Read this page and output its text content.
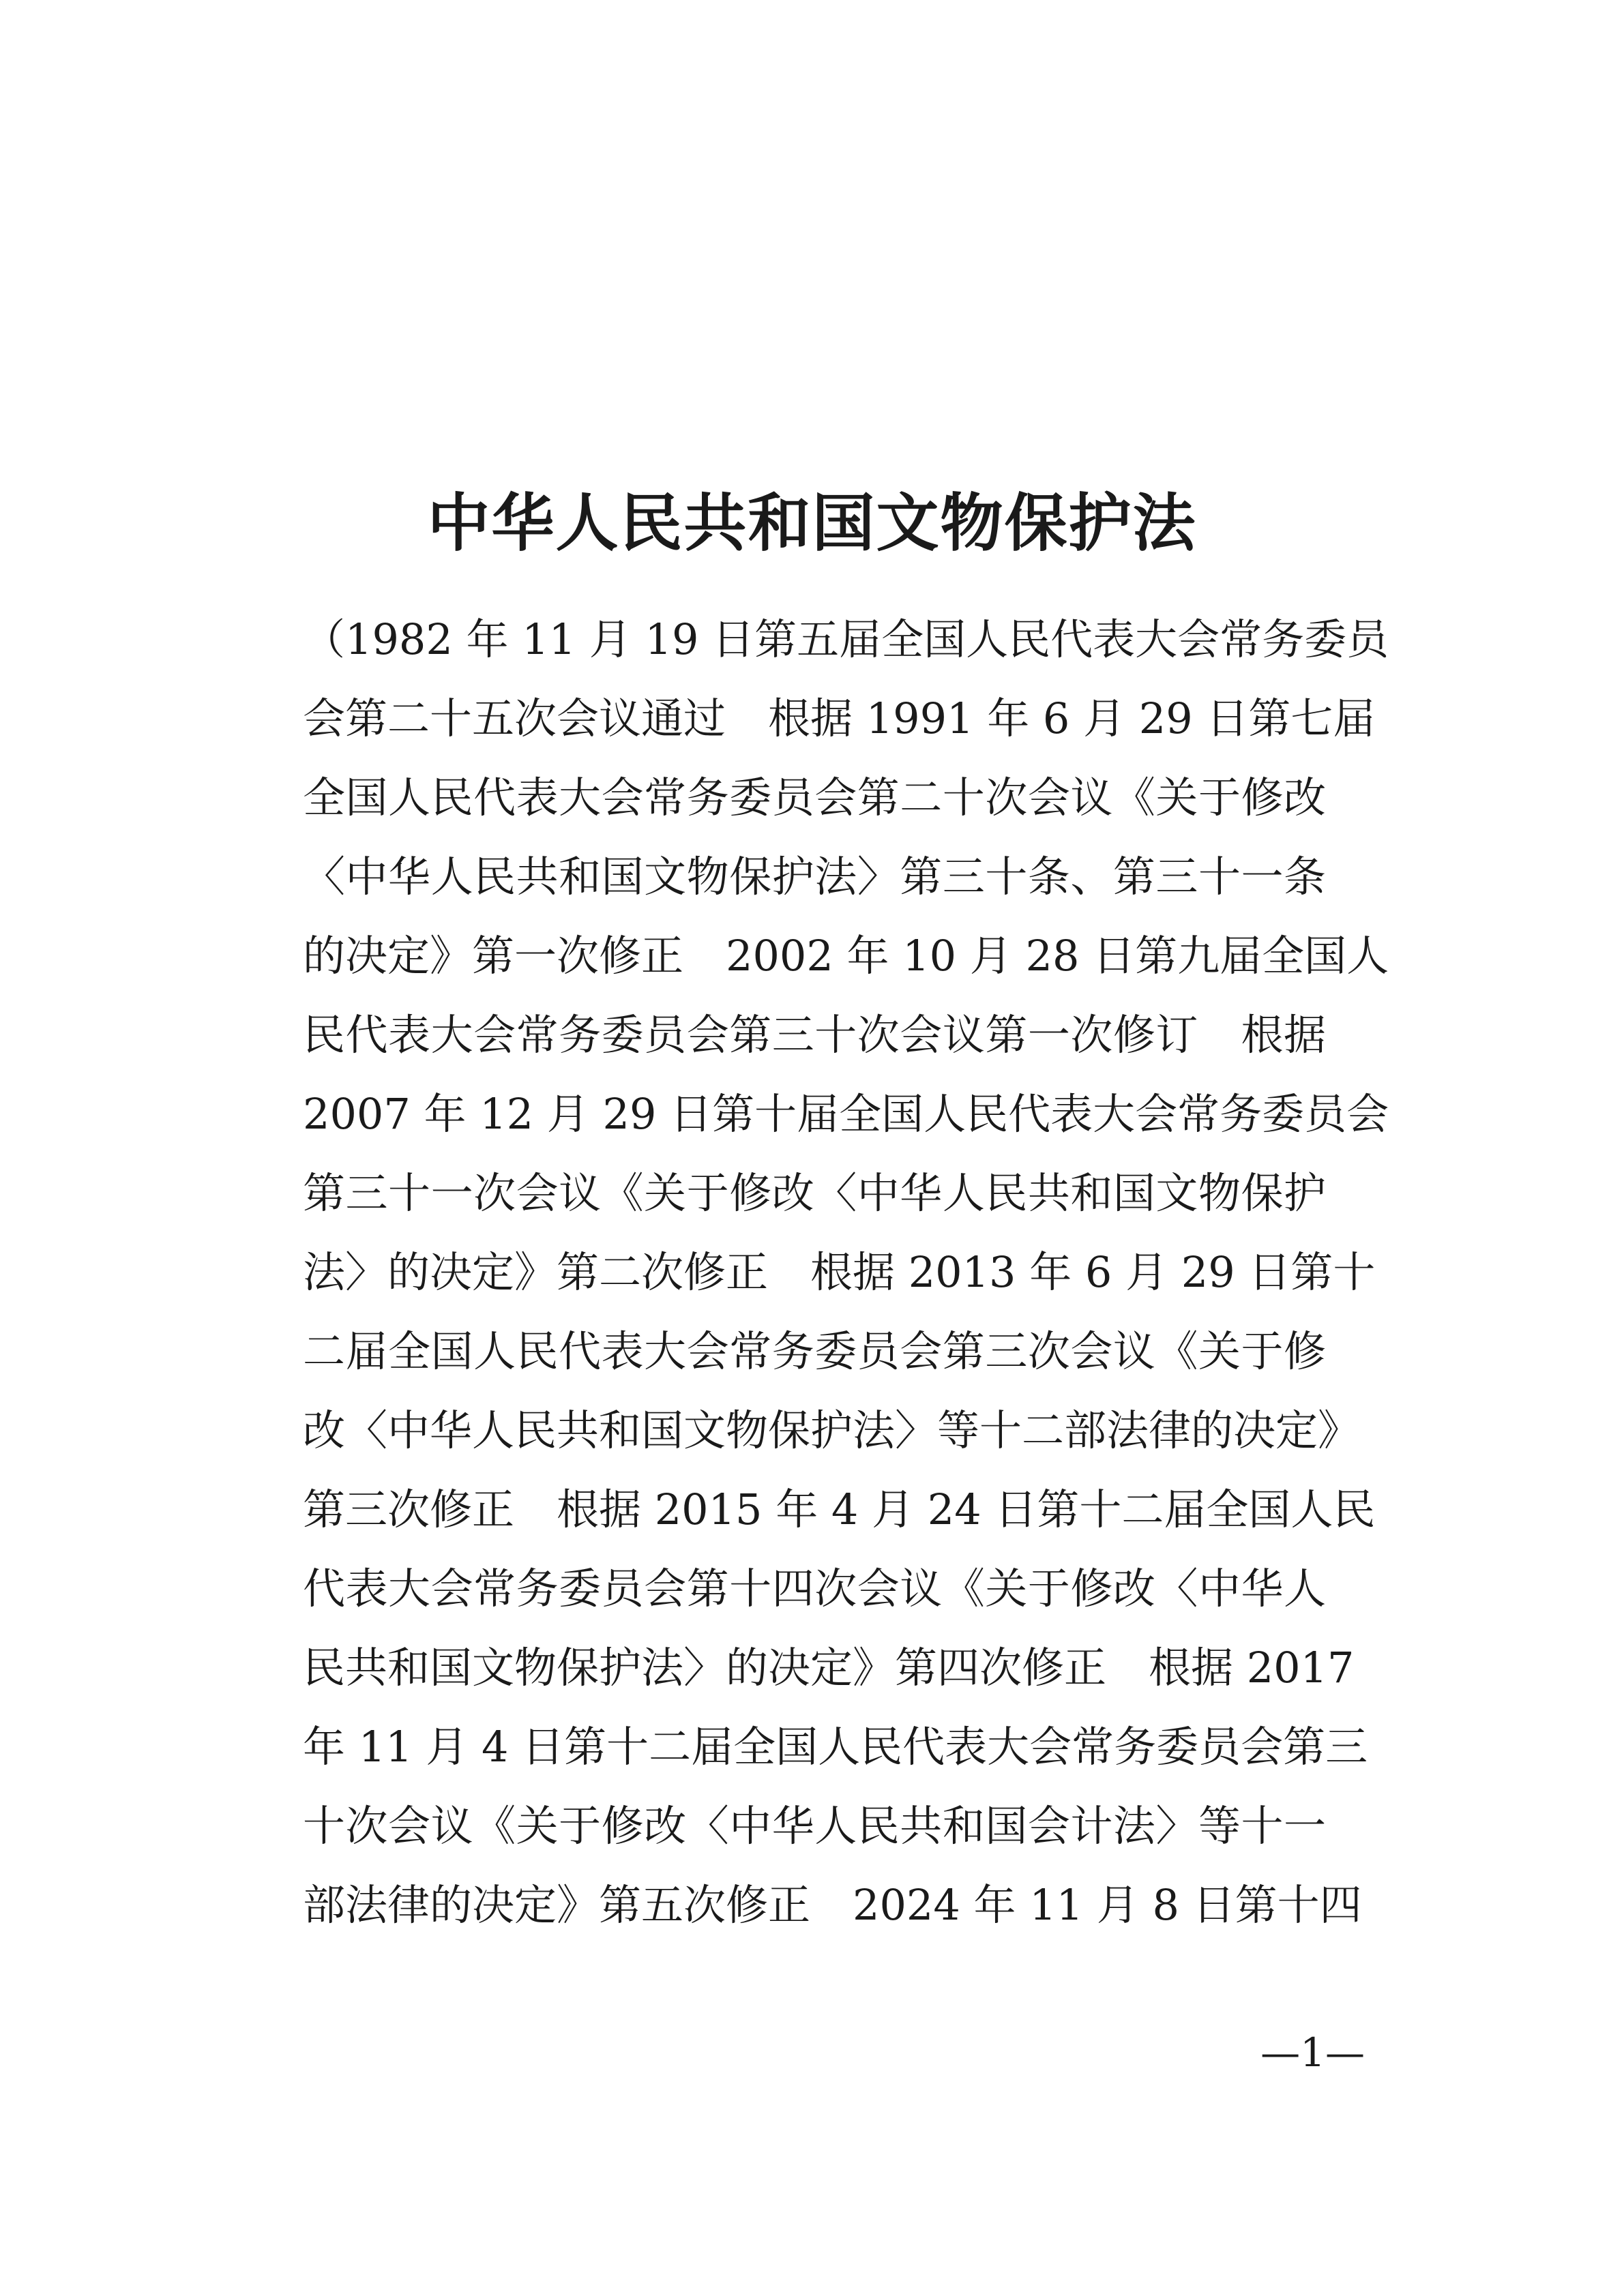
中华人民共和国文物保护法
（1982 年 11 月 19 日第五届全国人民代表大会常务委员
会第二十五次会议通过　根据 1991 年 6 月 29 日第七届
全国人民代表大会常务委员会第二十次会议《关于修改
〈中华人民共和国文物保护法〉第三十条、第三十一条
的决定》第一次修正　2002 年 10 月 28 日第九届全国人
民代表大会常务委员会第三十次会议第一次修订　根据
2007 年 12 月 29 日第十届全国人民代表大会常务委员会
第三十一次会议《关于修改〈中华人民共和国文物保护
法〉的决定》第二次修正　根据 2013 年 6 月 29 日第十
二届全国人民代表大会常务委员会第三次会议《关于修
改〈中华人民共和国文物保护法〉等十二部法律的决定》
第三次修正　根据 2015 年 4 月 24 日第十二届全国人民
代表大会常务委员会第十四次会议《关于修改〈中华人
民共和国文物保护法〉的决定》第四次修正　根据 2017
年 11 月 4 日第十二届全国人民代表大会常务委员会第三
十次会议《关于修改〈中华人民共和国会计法〉等十一
部法律的决定》第五次修正　2024 年 11 月 8 日第十四
—1—
